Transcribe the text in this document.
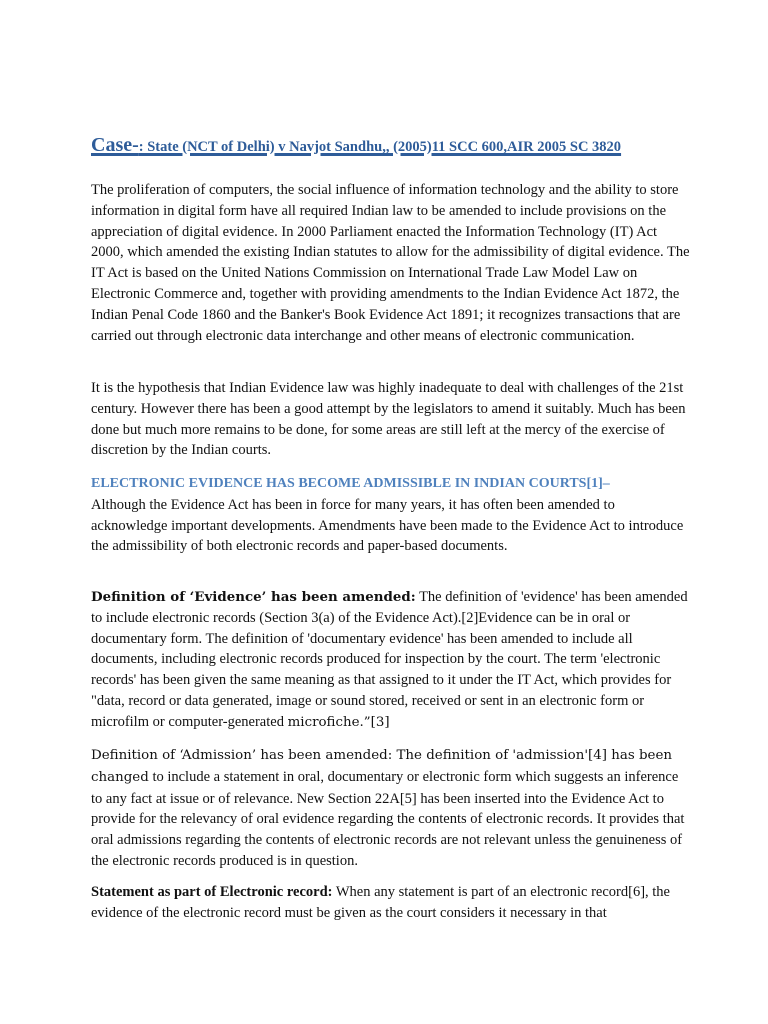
Case-: State (NCT of Delhi) v Navjot Sandhu,, (2005)11 SCC 600,AIR 2005 SC 3820

The proliferation of computers, the social influence of information technology and the ability to store information in digital form have all required Indian law to be amended to include provisions on the appreciation of digital evidence. In 2000 Parliament enacted the Information Technology (IT) Act 2000, which amended the existing Indian statutes to allow for the admissibility of digital evidence. The IT Act is based on the United Nations Commission on International Trade Law Model Law on Electronic Commerce and, together with providing amendments to the Indian Evidence Act 1872, the Indian Penal Code 1860 and the Banker's Book Evidence Act 1891; it recognizes transactions that are carried out through electronic data interchange and other means of electronic communication.

It is the hypothesis that Indian Evidence law was highly inadequate to deal with challenges of the 21st century. However there has been a good attempt by the legislators to amend it suitably. Much has been done but much more remains to be done, for some areas are still left at the mercy of the exercise of discretion by the Indian courts.

ELECTRONIC EVIDENCE HAS BECOME ADMISSIBLE IN INDIAN COURTS[1]–
Although the Evidence Act has been in force for many years, it has often been amended to acknowledge important developments. Amendments have been made to the Evidence Act to introduce the admissibility of both electronic records and paper-based documents.

Definition of ‘Evidence’ has been amended: The definition of 'evidence' has been amended to include electronic records (Section 3(a) of the Evidence Act).[2]Evidence can be in oral or documentary form. The definition of 'documentary evidence' has been amended to include all documents, including electronic records produced for inspection by the court. The term 'electronic records' has been given the same meaning as that assigned to it under the IT Act, which provides for "data, record or data generated, image or sound stored, received or sent in an electronic form or microfilm or computer-generated microfiche.”[3]

Definition of ‘Admission’ has been amended: The definition of 'admission'[4] has been changed to include a statement in oral, documentary or electronic form which suggests an inference to any fact at issue or of relevance. New Section 22A[5] has been inserted into the Evidence Act to provide for the relevancy of oral evidence regarding the contents of electronic records. It provides that oral admissions regarding the contents of electronic records are not relevant unless the genuineness of the electronic records produced is in question.

Statement as part of Electronic record: When any statement is part of an electronic record[6], the evidence of the electronic record must be given as the court considers it necessary in that
